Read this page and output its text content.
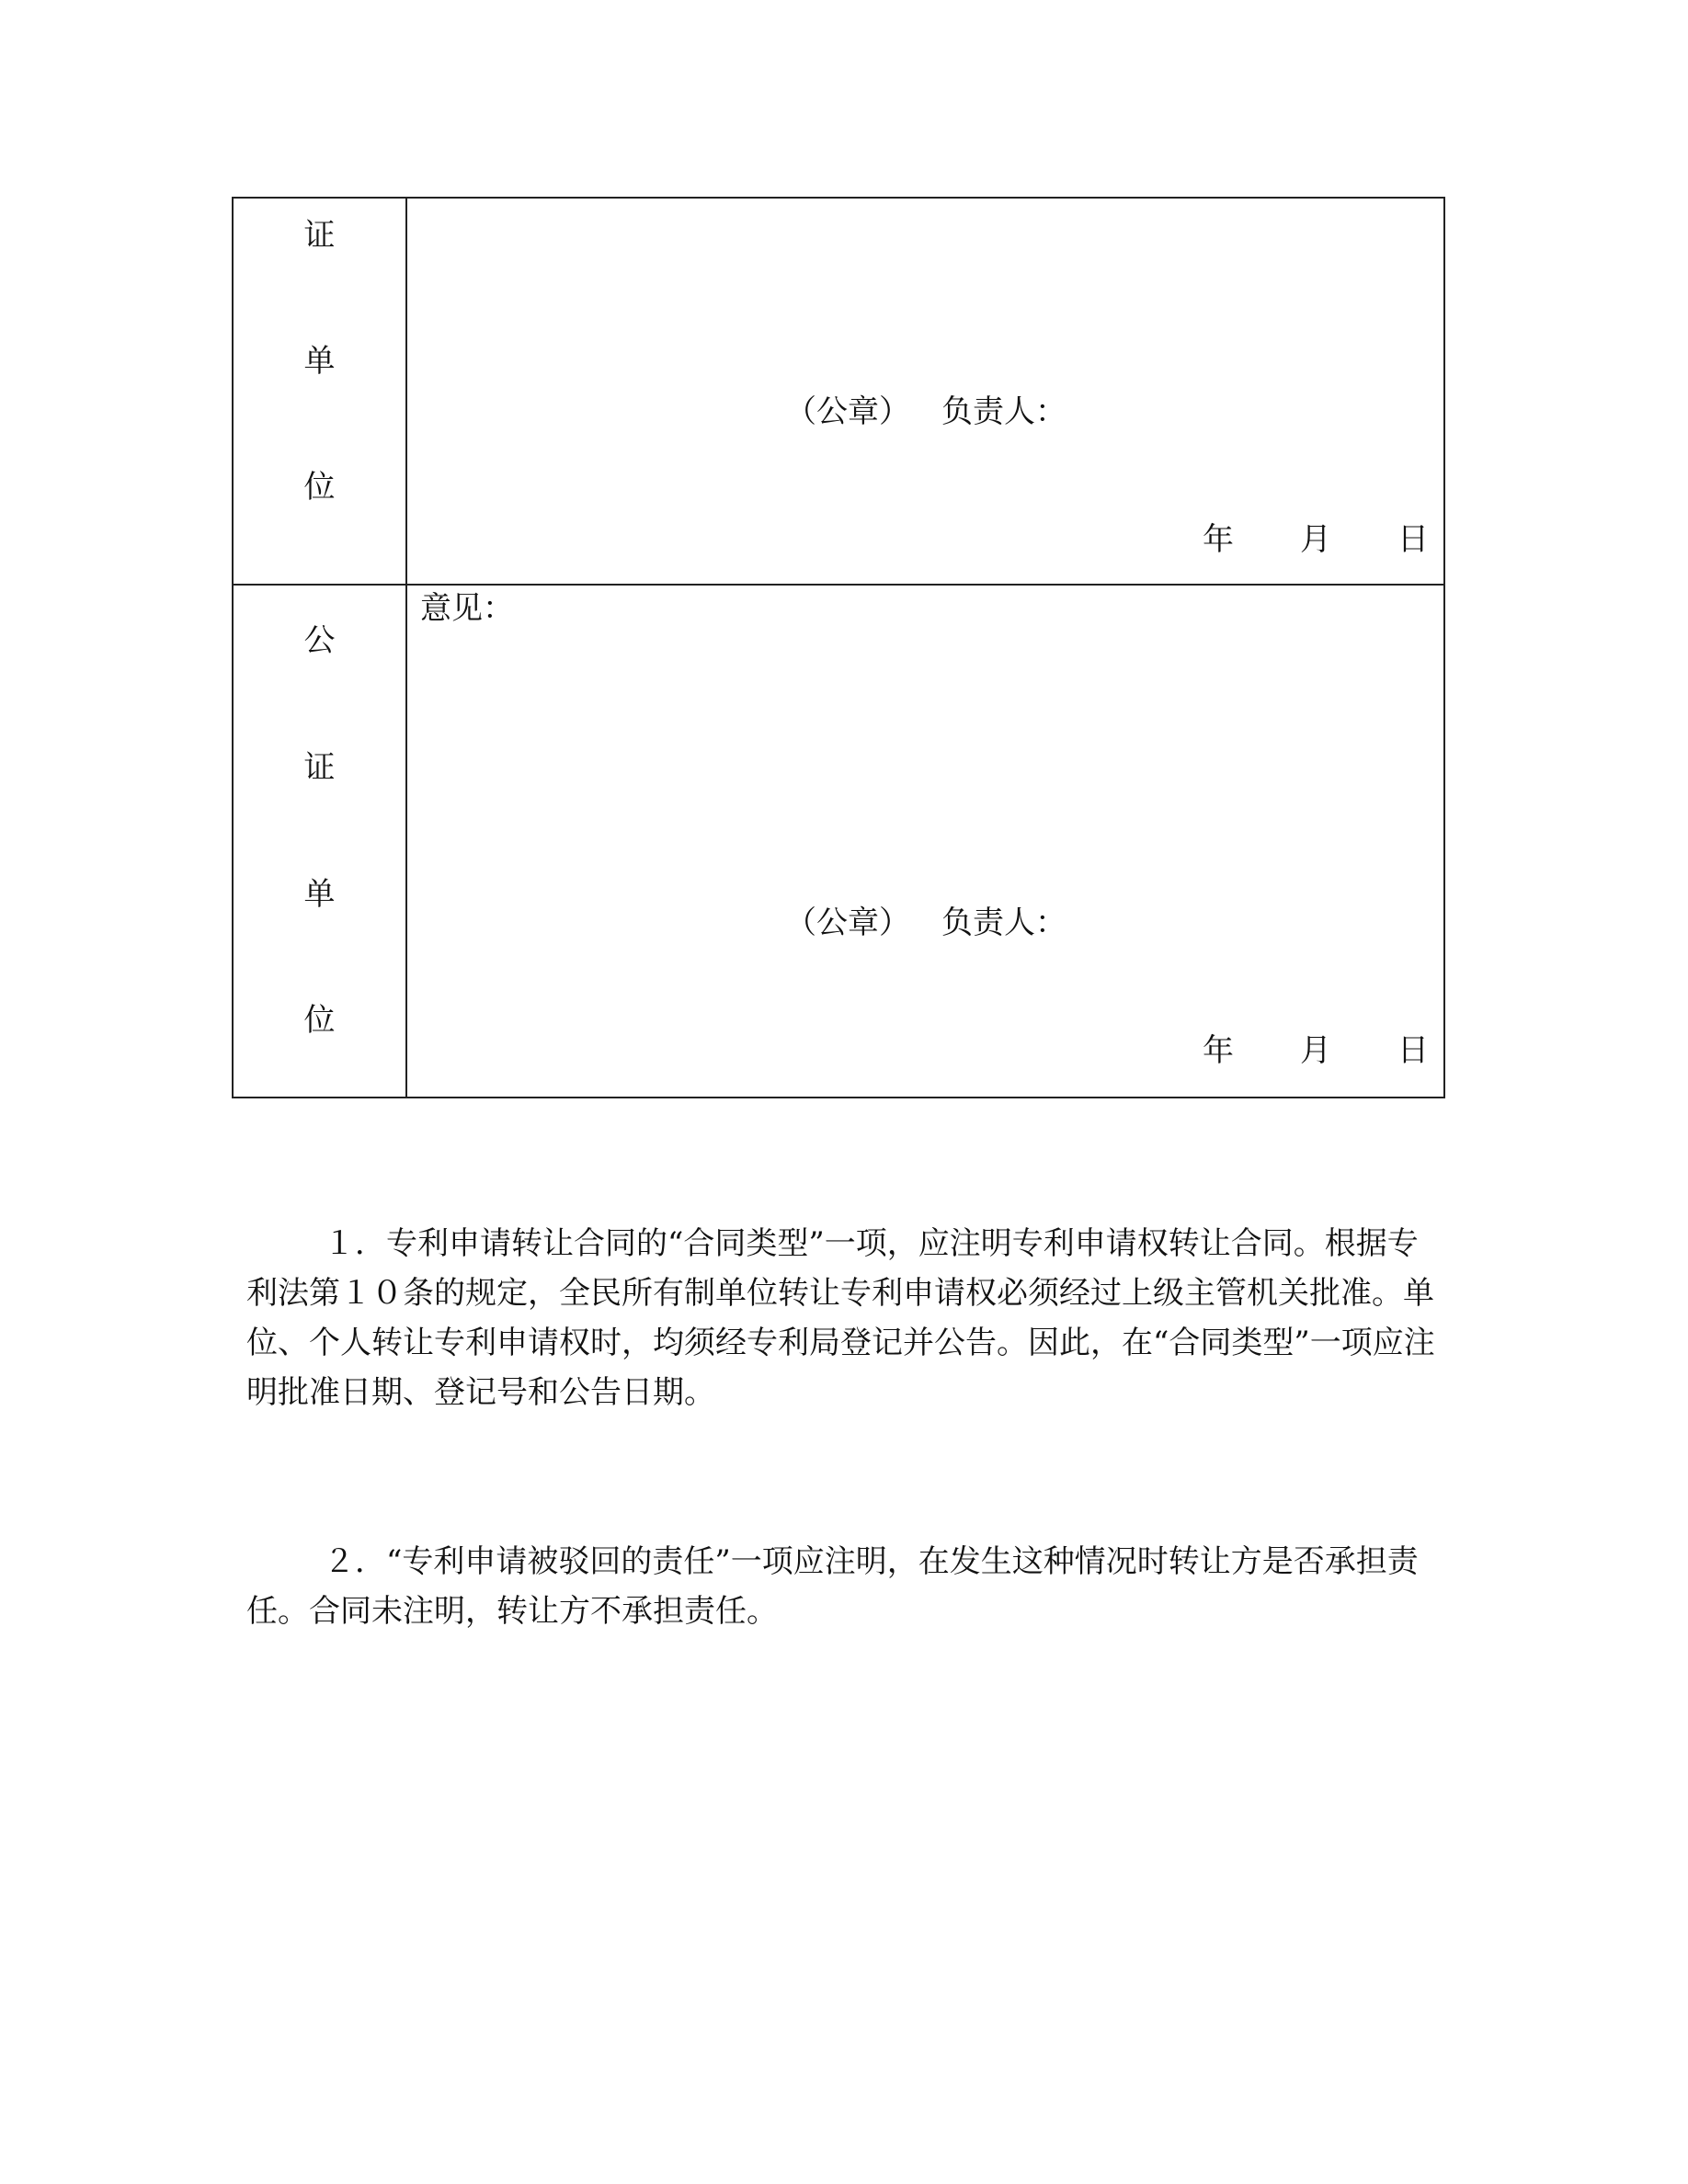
证
单
位
（公章） 负责人：
年 月 日
公
证
单
位
意见：
（公章） 负责人：
年 月 日

１．专利申请转让合同的“合同类型”一项，应注明专利申请权转让合同。根据专利法第１０条的规定，全民所有制单位转让专利申请权必须经过上级主管机关批准。单位、个人转让专利申请权时，均须经专利局登记并公告。因此，在“合同类型”一项应注明批准日期、登记号和公告日期。

２．“专利申请被驳回的责任”一项应注明，在发生这种情况时转让方是否承担责任。合同未注明，转让方不承担责任。
